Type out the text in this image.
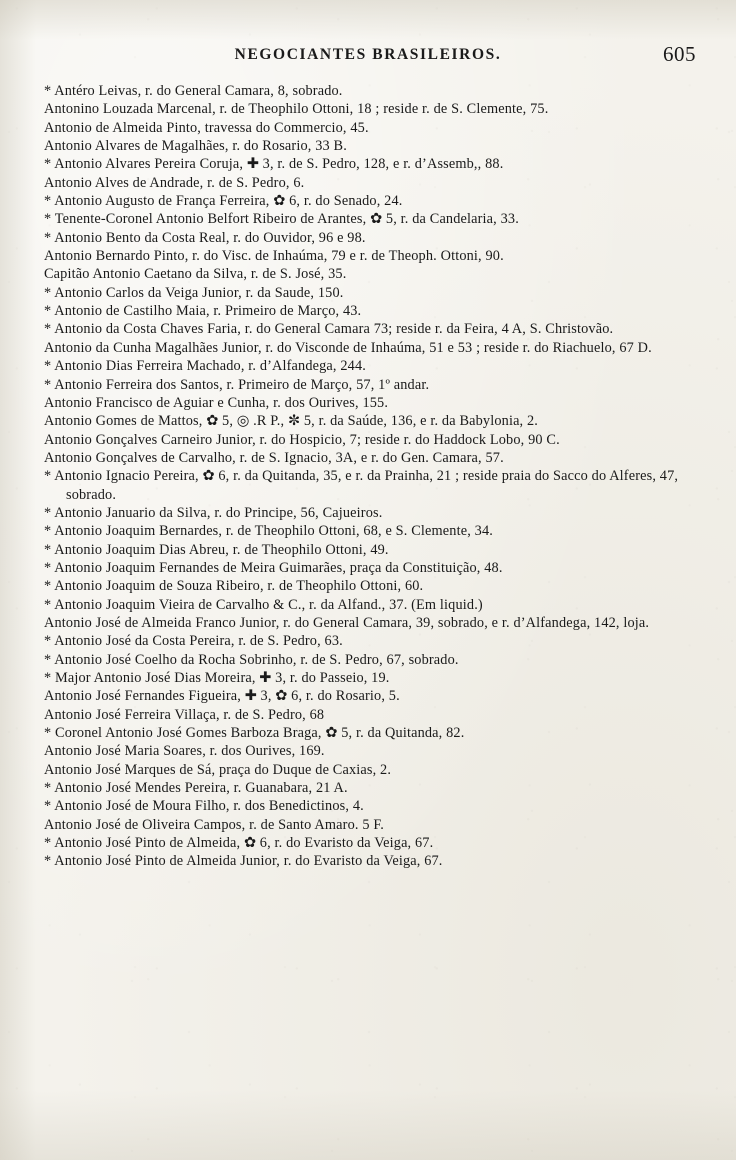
NEGOCIANTES BRASILEIROS.	605
* Antéro Leivas, r. do General Camara, 8, sobrado.
Antonino Louzada Marcenal, r. de Theophilo Ottoni, 18 ; reside r. de S. Clemente, 75.
Antonio de Almeida Pinto, travessa do Commercio, 45.
Antonio Alvares de Magalhães, r. do Rosario, 33 B.
* Antonio Alvares Pereira Coruja, ✚ 3, r. de S. Pedro, 128, e r. d’Assemb,, 88.
Antonio Alves de Andrade, r. de S. Pedro, 6.
* Antonio Augusto de França Ferreira, ✿ 6, r. do Senado, 24.
* Tenente-Coronel Antonio Belfort Ribeiro de Arantes, ✿ 5, r. da Candelaria, 33.
* Antonio Bento da Costa Real, r. do Ouvidor, 96 e 98.
Antonio Bernardo Pinto, r. do Visc. de Inhaúma, 79 e r. de Theoph. Ottoni, 90.
Capitão Antonio Caetano da Silva, r. de S. José, 35.
* Antonio Carlos da Veiga Junior, r. da Saude, 150.
* Antonio de Castilho Maia, r. Primeiro de Março, 43.
* Antonio da Costa Chaves Faria, r. do General Camara 73; reside r. da Feira, 4 A, S. Christovão.
Antonio da Cunha Magalhães Junior, r. do Visconde de Inhaúma, 51 e 53 ; reside r. do Riachuelo, 67 D.
* Antonio Dias Ferreira Machado, r. d’Alfandega, 244.
* Antonio Ferreira dos Santos, r. Primeiro de Março, 57, 1º andar.
Antonio Francisco de Aguiar e Cunha, r. dos Ourives, 155.
Antonio Gomes de Mattos, ✿ 5, ◎ .R P., ✼ 5, r. da Saúde, 136, e r. da Babylonia, 2.
Antonio Gonçalves Carneiro Junior, r. do Hospicio, 7; reside r. do Haddock Lobo, 90 C.
Antonio Gonçalves de Carvalho, r. de S. Ignacio, 3A, e r. do Gen. Camara, 57.
* Antonio Ignacio Pereira, ✿ 6, r. da Quitanda, 35, e r. da Prainha, 21 ; reside praia do Sacco do Alferes, 47, sobrado.
* Antonio Januario da Silva, r. do Principe, 56, Cajueiros.
* Antonio Joaquim Bernardes, r. de Theophilo Ottoni, 68, e S. Clemente, 34.
* Antonio Joaquim Dias Abreu, r. de Theophilo Ottoni, 49.
* Antonio Joaquim Fernandes de Meira Guimarães, praça da Constituição, 48.
* Antonio Joaquim de Souza Ribeiro, r. de Theophilo Ottoni, 60.
* Antonio Joaquim Vieira de Carvalho & C., r. da Alfand., 37. (Em liquid.)
Antonio José de Almeida Franco Junior, r. do General Camara, 39, sobrado, e r. d’Alfandega, 142, loja.
* Antonio José da Costa Pereira, r. de S. Pedro, 63.
* Antonio José Coelho da Rocha Sobrinho, r. de S. Pedro, 67, sobrado.
* Major Antonio José Dias Moreira, ✚ 3, r. do Passeio, 19.
Antonio José Fernandes Figueira, ✚ 3, ✿ 6, r. do Rosario, 5.
Antonio José Ferreira Villaça, r. de S. Pedro, 68
* Coronel Antonio José Gomes Barboza Braga, ✿ 5, r. da Quitanda, 82.
Antonio José Maria Soares, r. dos Ourives, 169.
Antonio José Marques de Sá, praça do Duque de Caxias, 2.
* Antonio José Mendes Pereira, r. Guanabara, 21 A.
* Antonio José de Moura Filho, r. dos Benedictinos, 4.
Antonio José de Oliveira Campos, r. de Santo Amaro. 5 F.
* Antonio José Pinto de Almeida, ✿ 6, r. do Evaristo da Veiga, 67.
* Antonio José Pinto de Almeida Junior, r. do Evaristo da Veiga, 67.
